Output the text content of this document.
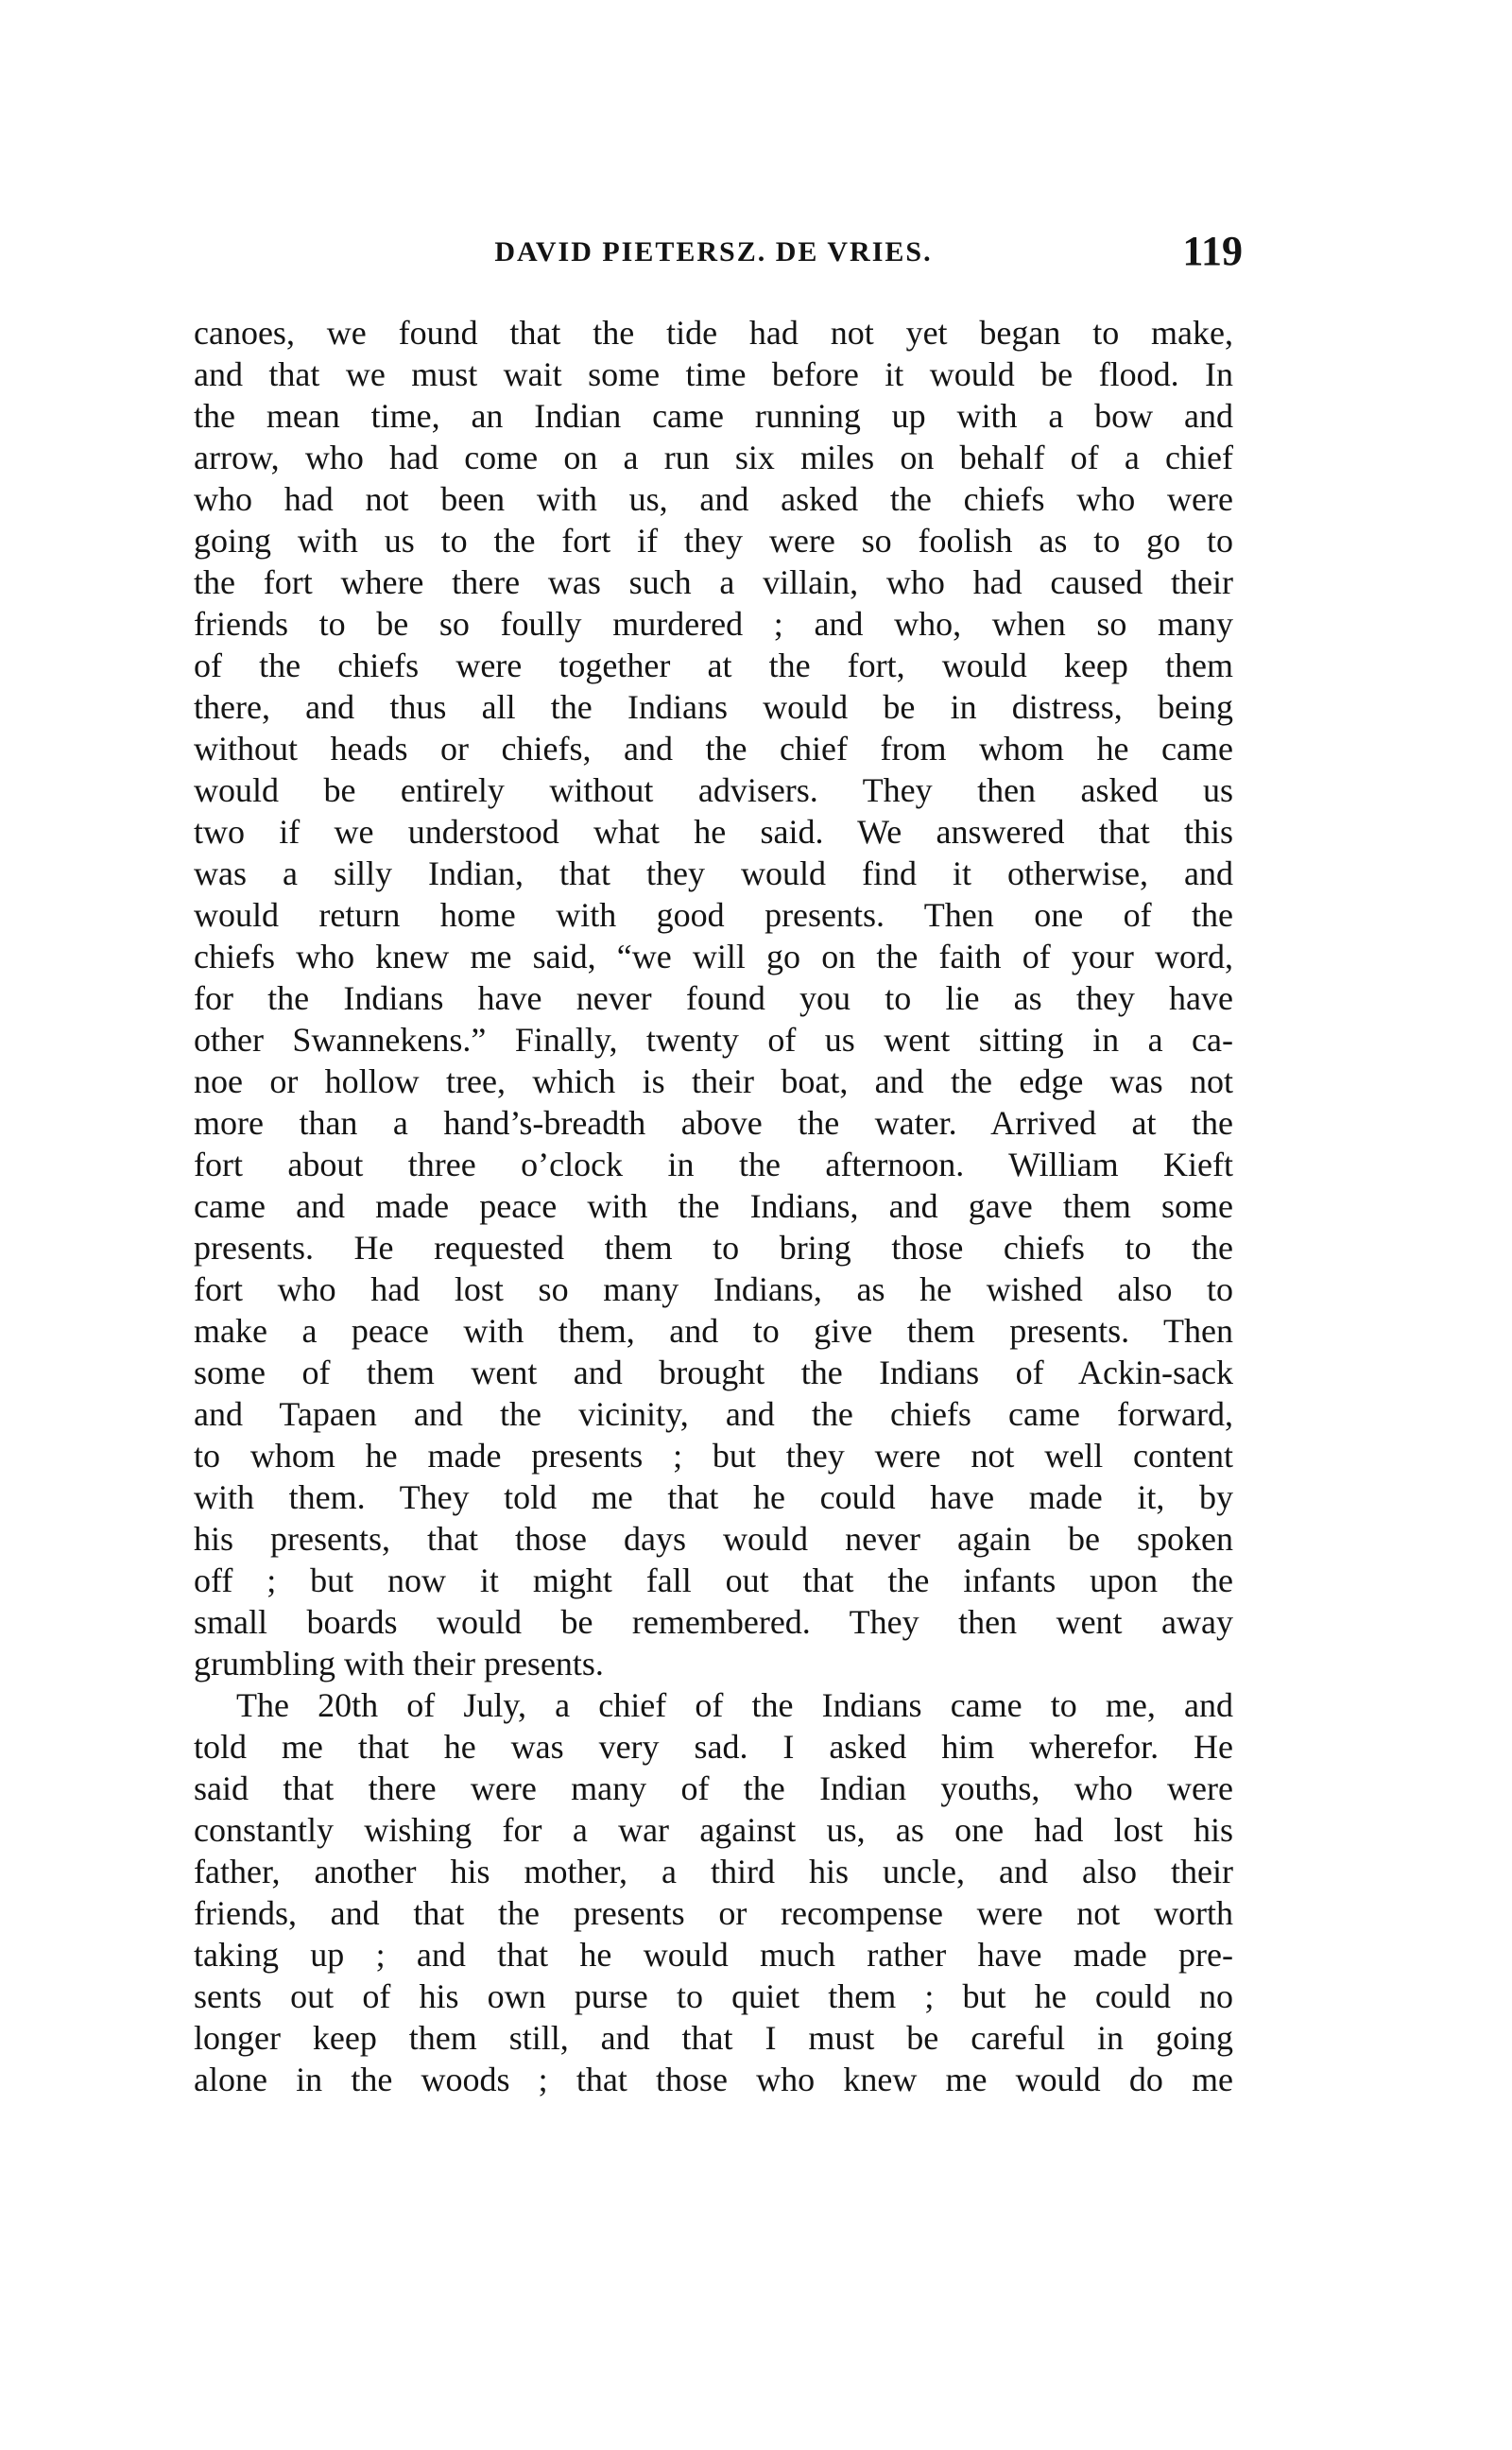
DAVID PIETERSZ. DE VRIES.	119
canoes, we found that the tide had not yet began to make,
and that we must wait some time before it would be flood. In
the mean time, an Indian came running up with a bow and
arrow, who had come on a run six miles on behalf of a chief
who had not been with us, and asked the chiefs who were
going with us to the fort if they were so foolish as to go to
the fort where there was such a villain, who had caused their
friends to be so foully murdered ; and who, when so many
of the chiefs were together at the fort, would keep them
there, and thus all the Indians would be in distress, being
without heads or chiefs, and the chief from whom he came
would be entirely without advisers. They then asked us
two if we understood what he said. We answered that this
was a silly Indian, that they would find it otherwise, and
would return home with good presents. Then one of the
chiefs who knew me said, “we will go on the faith of your word,
for the Indians have never found you to lie as they have
other Swannekens.” Finally, twenty of us went sitting in a ca-
noe or hollow tree, which is their boat, and the edge was not
more than a hand’s-breadth above the water. Arrived at the
fort about three o’clock in the afternoon. William Kieft
came and made peace with the Indians, and gave them some
presents. He requested them to bring those chiefs to the
fort who had lost so many Indians, as he wished also to
make a peace with them, and to give them presents. Then
some of them went and brought the Indians of Ackin-sack
and Tapaen and the vicinity, and the chiefs came forward,
to whom he made presents ; but they were not well content
with them. They told me that he could have made it, by
his presents, that those days would never again be spoken
off ; but now it might fall out that the infants upon the
small boards would be remembered. They then went away
grumbling with their presents.
The 20th of July, a chief of the Indians came to me, and
told me that he was very sad. I asked him wherefor. He
said that there were many of the Indian youths, who were
constantly wishing for a war against us, as one had lost his
father, another his mother, a third his uncle, and also their
friends, and that the presents or recompense were not worth
taking up ; and that he would much rather have made pre-
sents out of his own purse to quiet them ; but he could no
longer keep them still, and that I must be careful in going
alone in the woods ; that those who knew me would do me
